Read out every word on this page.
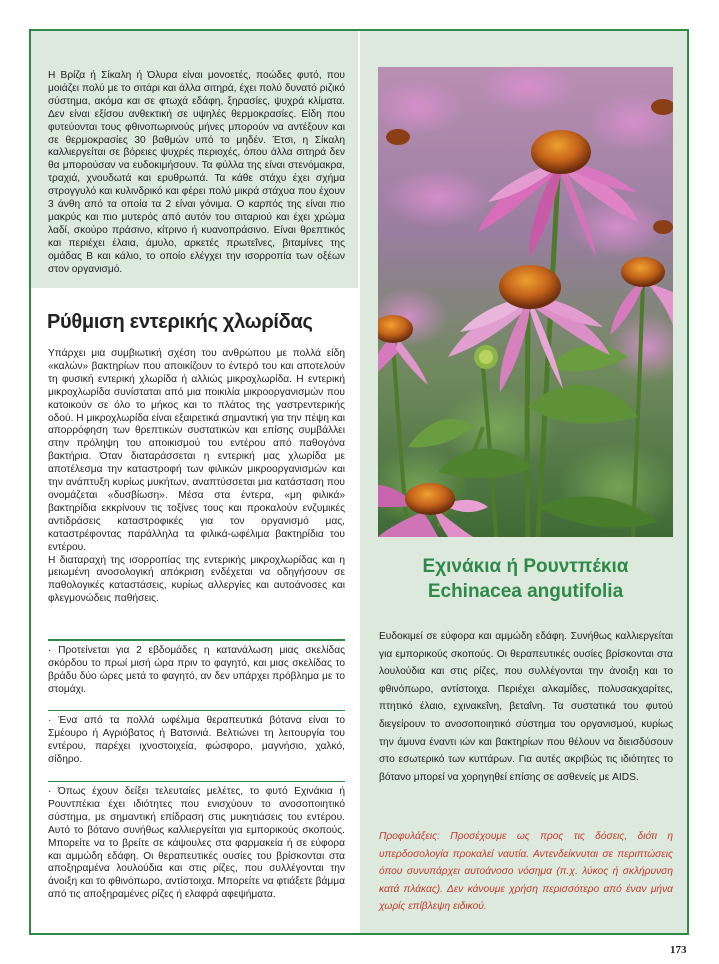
Η Βρίζα ή Σίκαλη ή Όλυρα είναι μονοετές, ποώδες φυτό, που μοιάζει πολύ με το σιτάρι και άλλα σιτηρά, έχει πολύ δυνατό ριζικό σύστημα, ακόμα και σε φτωχά εδάφη, ξηρασίες, ψυχρά κλίματα. Δεν είναι εξίσου ανθεκτική σε υψηλές θερμοκρασίες. Είδη που φυτεύονται τους φθινοπωρινούς μήνες μπορούν να αντέξουν και σε θερμοκρασίες 30 βαθμών υπό το μηδέν. Έτσι, η Σίκαλη καλλιεργείται σε βόρειες ψυχρές περιοχές, όπου άλλα σιτηρά δεν θα μπορούσαν να ευδοκιμήσουν. Τα φύλλα της είναι στενόμακρα, τραχιά, χνουδωτά και ερυθρωπά. Τα κάθε στάχυ έχει σχήμα στρογγυλό και κυλινδρικό και φέρει πολύ μικρά στάχυα που έχουν 3 άνθη από τα οποία τα 2 είναι γόνιμα. Ο καρπός της είναι πιο μακρύς και πιο μυτερός από αυτόν του σιταριού και έχει χρώμα λαδί, σκούρο πράσινο, κίτρινο ή κυανοπράσινο. Είναι θρεπτικός και περιέχει έλαια, άμυλο, αρκετές πρωτεΐνες, βιταμίνες της ομάδας Β και κάλιο, το οποίο ελέγχει την ισορροπία των οξέων στον οργανισμό.

Ρύθμιση εντερικής χλωρίδας

Υπάρχει μια συμβιωτική σχέση του ανθρώπου με πολλά είδη «καλών» βακτηρίων που αποικίζουν το έντερό του και αποτελούν τη φυσική εντερική χλωρίδα ή αλλιώς μικροχλωρίδα. Η εντερική μικροχλωρίδα συνίσταται από μια ποικιλία μικροοργανισμών που κατοικούν σε όλο το μήκος και το πλάτος της γαστρεντερικής οδού. Η μικροχλωρίδα είναι εξαιρετικά σημαντική για την πέψη και απορρόφηση των θρεπτικών συστατικών και επίσης συμβάλλει στην πρόληψη του αποικισμού του εντέρου από παθογόνα βακτήρια. Όταν διαταράσσεται η εντερική μας χλωρίδα με αποτέλεσμα την καταστροφή των φιλικών μικροοργανισμών και την ανάπτυξη κυρίως μυκήτων, αναπτύσσεται μια κατάσταση που ονομάζεται «δυσβίωση». Μέσα στα έντερα, «μη φιλικά» βακτηρίδια εκκρίνουν τις τοξίνες τους και προκαλούν ενζυμικές αντιδράσεις καταστροφικές για τον οργανισμό μας, καταστρέφοντας παράλληλα τα φιλικά-ωφέλιμα βακτηρίδια του εντέρου.

Η διαταραχή της ισορροπίας της εντερικής μικροχλωρίδας και η μειωμένη ανοσολογική απόκριση ενδέχεται να οδηγήσουν σε παθολογικές καταστάσεις, κυρίως αλλεργίες και αυτοάνοσες και φλεγμονώδεις παθήσεις.

· Προτείνεται για 2 εβδομάδες η κατανάλωση μιας σκελίδας σκόρδου το πρωί μισή ώρα πριν το φαγητό, και μιας σκελίδας το βράδυ δύο ώρες μετά το φαγητό, αν δεν υπάρχει πρόβλημα με το στομάχι.

· Ένα από τα πολλά ωφέλιμα θεραπευτικά βότανα είναι το Σμέουρο ή Αγριόβατος ή Βατσινιά. Βελτιώνει τη λειτουργία του εντέρου, παρέχει ιχνοστοιχεία, φώσφορο, μαγνήσιο, χαλκό, σίδηρο.

· Όπως έχουν δείξει τελευταίες μελέτες, το φυτό Εχινάκια ή Ρουντπέκια έχει ιδιότητες που ενισχύουν το ανοσοποιητικό σύστημα, με σημαντική επίδραση στις μυκητιάσεις του εντέρου. Αυτό το βότανο συνήθως καλλιεργείται για εμπορικούς σκοπούς. Μπορείτε να το βρείτε σε κάψουλες στα φαρμακεία ή σε εύφορα και αμμώδη εδάφη. Οι θεραπευτικές ουσίες του βρίσκονται στα αποξηραμένα λουλούδια και στις ρίζες, που συλλέγονται την άνοιξη και το φθινόπωρο, αντίστοιχα. Μπορείτε να φτιάξετε βάμμα από τις αποξηραμένες ρίζες ή ελαφρά αφεψήματα.

Εχινάκια ή Ρουντπέκια
Echinacea angutifolia

Ευδοκιμεί σε εύφορα και αμμώδη εδάφη. Συνήθως καλλιεργείται για εμπορικούς σκοπούς. Οι θεραπευτικές ουσίες βρίσκονται στα λουλούδια και στις ρίζες, που συλλέγονται την άνοιξη και το φθινόπωρο, αντίστοιχα. Περιέχει αλκαμίδες, πολυσακχαρίτες, πτητικό έλαιο, εχινακεΐνη, βεταΐνη. Τα συστατικά του φυτού διεγείρουν το ανοσοποιητικό σύστημα του οργανισμού, κυρίως την άμυνα έναντι ιών και βακτηρίων που θέλουν να διεισδύσουν στο εσωτερικό των κυττάρων. Για αυτές ακριβώς τις ιδιότητες το βότανο μπορεί να χορηγηθεί επίσης σε ασθενείς με AIDS.

Προφυλάξεις: Προσέχουμε ως προς τις δόσεις, διότι η υπερδοσολογία προκαλεί ναυτία. Αντενδείκνυται σε περιπτώσεις όπου συνυπάρχει αυτοάνοσο νόσημα (π.χ. λύκος ή σκλήρυνση κατά πλάκας). Δεν κάνουμε χρήση περισσότερο από έναν μήνα χωρίς επίβλεψη ειδικού.

173
